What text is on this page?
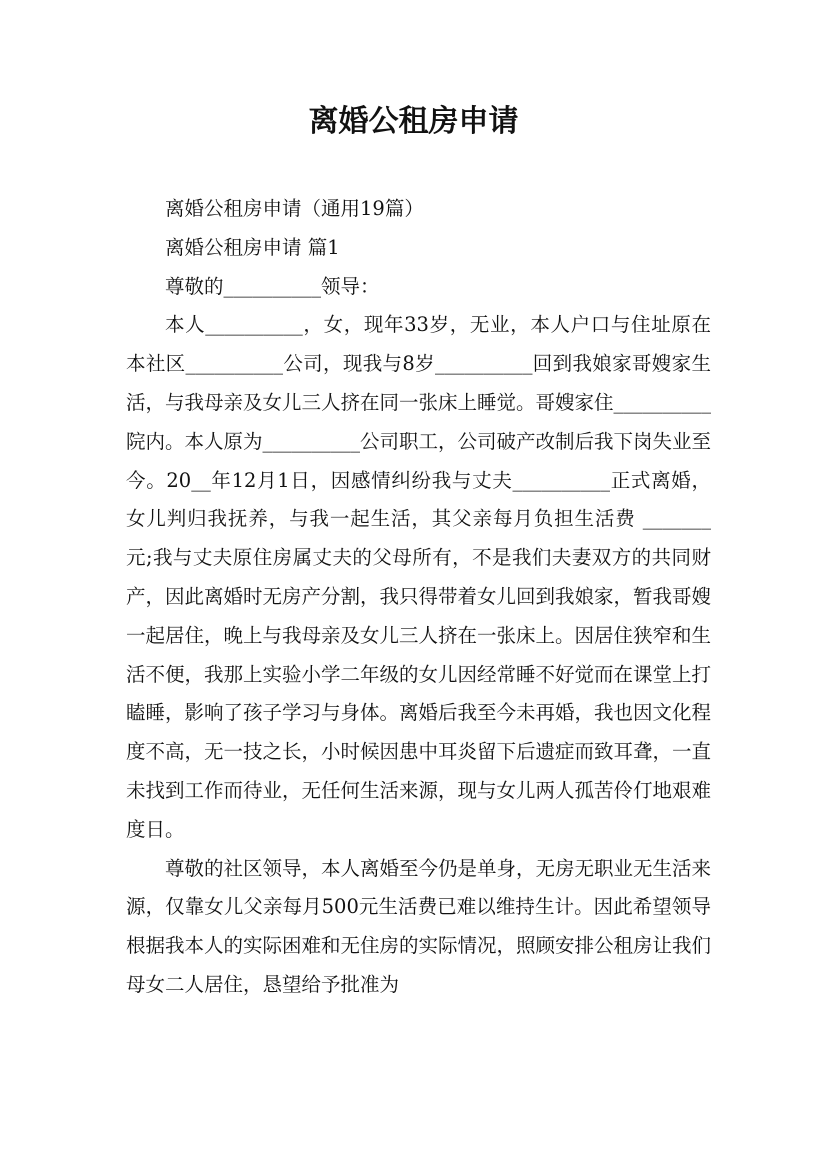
离婚公租房申请

离婚公租房申请（通用19篇）

离婚公租房申请 篇1

尊敬的__________领导：

本人__________，女，现年33岁，无业，本人户口与住址原在本社区__________公司，现我与8岁__________回到我娘家哥嫂家生活，与我母亲及女儿三人挤在同一张床上睡觉。哥嫂家住__________院内。本人原为__________公司职工，公司破产改制后我下岗失业至今。20__年12月1日，因感情纠纷我与丈夫__________正式离婚，女儿判归我抚养，与我一起生活，其父亲每月负担生活费 _______ 元;我与丈夫原住房属丈夫的父母所有，不是我们夫妻双方的共同财产，因此离婚时无房产分割，我只得带着女儿回到我娘家，暂我哥嫂一起居住，晚上与我母亲及女儿三人挤在一张床上。因居住狭窄和生活不便，我那上实验小学二年级的女儿因经常睡不好觉而在课堂上打瞌睡，影响了孩子学习与身体。离婚后我至今未再婚，我也因文化程度不高，无一技之长，小时候因患中耳炎留下后遗症而致耳聋，一直未找到工作而待业，无任何生活来源，现与女儿两人孤苦伶仃地艰难度日。

尊敬的社区领导，本人离婚至今仍是单身，无房无职业无生活来源，仅靠女儿父亲每月500元生活费已难以维持生计。因此希望领导根据我本人的实际困难和无住房的实际情况，照顾安排公租房让我们母女二人居住，恳望给予批准为
